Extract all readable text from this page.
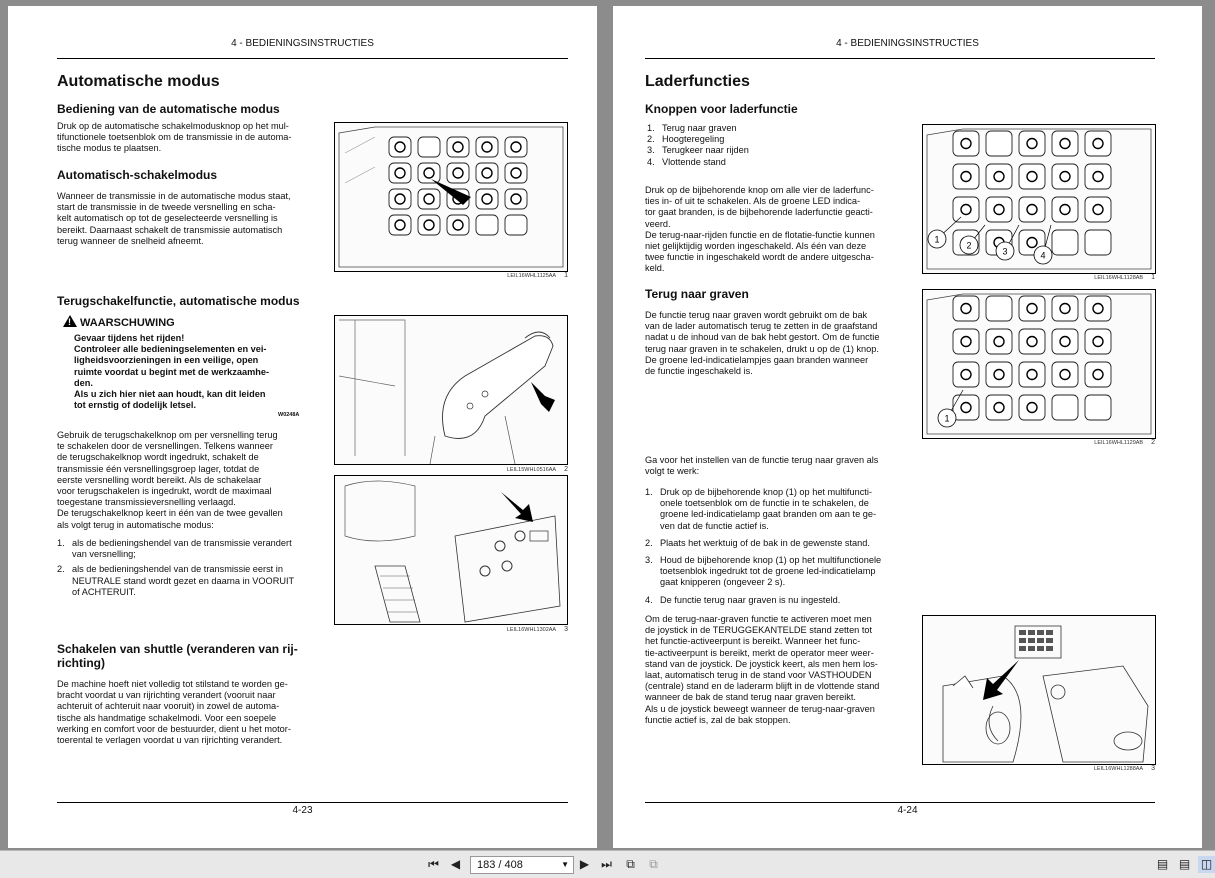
4 - BEDIENINGSINSTRUCTIES
Automatische modus
Bediening van de automatische modus
Druk op de automatische schakelmodusknop op het mul-
tifunctionele toetsenblok om de transmissie in de automa-
tische modus te plaatsen.
Automatisch-schakelmodus
Wanneer de transmissie in de automatische modus staat,
start de transmissie in de tweede versnelling en scha-
kelt automatisch op tot de geselecteerde versnelling is
bereikt. Daarnaast schakelt de transmissie automatisch
terug wanneer de snelheid afneemt.
LEIL16WHL1125AA 1
Terugschakelfunctie, automatische modus
! WAARSCHUWING
Gevaar tijdens het rijden!
Controleer alle bedieningselementen en vei-
ligheidsvoorzieningen in een veilige, open
ruimte voordat u begint met de werkzaamhe-
den.
Als u zich hier niet aan houdt, kan dit leiden
tot ernstig of dodelijk letsel.
W0248A
Gebruik de terugschakelknop om per versnelling terug
te schakelen door de versnellingen. Telkens wanneer
de terugschakelknop wordt ingedrukt, schakelt de
transmissie één versnellingsgroep lager, totdat de
eerste versnelling wordt bereikt. Als de schakelaar
voor terugschakelen is ingedrukt, wordt de maximaal
toegestane transmissieversnelling verlaagd.
De terugschakelknop keert in één van de twee gevallen
als volgt terug in automatische modus:
1. als de bedieningshendel van de transmissie verandert
van versnelling;
2. als de bedieningshendel van de transmissie eerst in
NEUTRALE stand wordt gezet en daarna in VOORUIT
of ACHTERUIT.
LEIL15WHL0516AA 2
LEIL16WHL1302AA 3
Schakelen van shuttle (veranderen van rij-
richting)
De machine hoeft niet volledig tot stilstand te worden ge-
bracht voordat u van rijrichting verandert (vooruit naar
achteruit of achteruit naar vooruit) in zowel de automa-
tische als handmatige schakelmodi. Voor een soepele
werking en comfort voor de bestuurder, dient u het motor-
toerental te verlagen voordat u van rijrichting verandert.
4-23
4 - BEDIENINGSINSTRUCTIES
Laderfuncties
Knoppen voor laderfunctie
1. Terug naar graven
2. Hoogteregeling
3. Terugkeer naar rijden
4. Vlottende stand
Druk op de bijbehorende knop om alle vier de laderfunc-
ties in- of uit te schakelen. Als de groene LED indica-
tor gaat branden, is de bijbehorende laderfunctie geacti-
veerd.
De terug-naar-rijden functie en de flotatie-functie kunnen
niet gelijktijdig worden ingeschakeld. Als één van deze
twee functie in ingeschakeld wordt de andere uitgescha-
keld.
Terug naar graven
De functie terug naar graven wordt gebruikt om de bak
van de lader automatisch terug te zetten in de graafstand
nadat u de inhoud van de bak hebt gestort. Om de functie
terug naar graven in te schakelen, drukt u op de (1) knop.
De groene led-indicatielampjes gaan branden wanneer
de functie ingeschakeld is.
1
2
3	4
LEIL16WHL1128AB 1
1
LEIL16WHL1129AB 2
Ga voor het instellen van de functie terug naar graven als
volgt te werk:
1. Druk op de bijbehorende knop (1) op het multifuncti-
onele toetsenblok om de functie in te schakelen, de
groene led-indicatielamp gaat branden om aan te ge-
ven dat de functie actief is.
2. Plaats het werktuig of de bak in de gewenste stand.
3. Houd de bijbehorende knop (1) op het multifunctionele
toetsenblok ingedrukt tot de groene led-indicatielamp
gaat knipperen (ongeveer 2 s).
4. De functie terug naar graven is nu ingesteld.
Om de terug-naar-graven functie te activeren moet men
de joystick in de TERUGGEKANTELDE stand zetten tot
het functie-activeerpunt is bereikt. Wanneer het func-
tie-activeerpunt is bereikt, merkt de operator meer weer-
stand van de joystick. De joystick keert, als men hem los-
laat, automatisch terug in de stand voor VASTHOUDEN
(centrale) stand en de laderarm blijft in de vlottende stand
wanneer de bak de stand terug naar graven bereikt.
Als u de joystick beweegt wanneer de terug-naar-graven
functie actief is, zal de bak stoppen.
LEIL16WHL1288AA 3
4-24
⏮ ◀	183 / 408	▼ ▶ ⏭	⧉	⧉	▤ ▤ ◫
